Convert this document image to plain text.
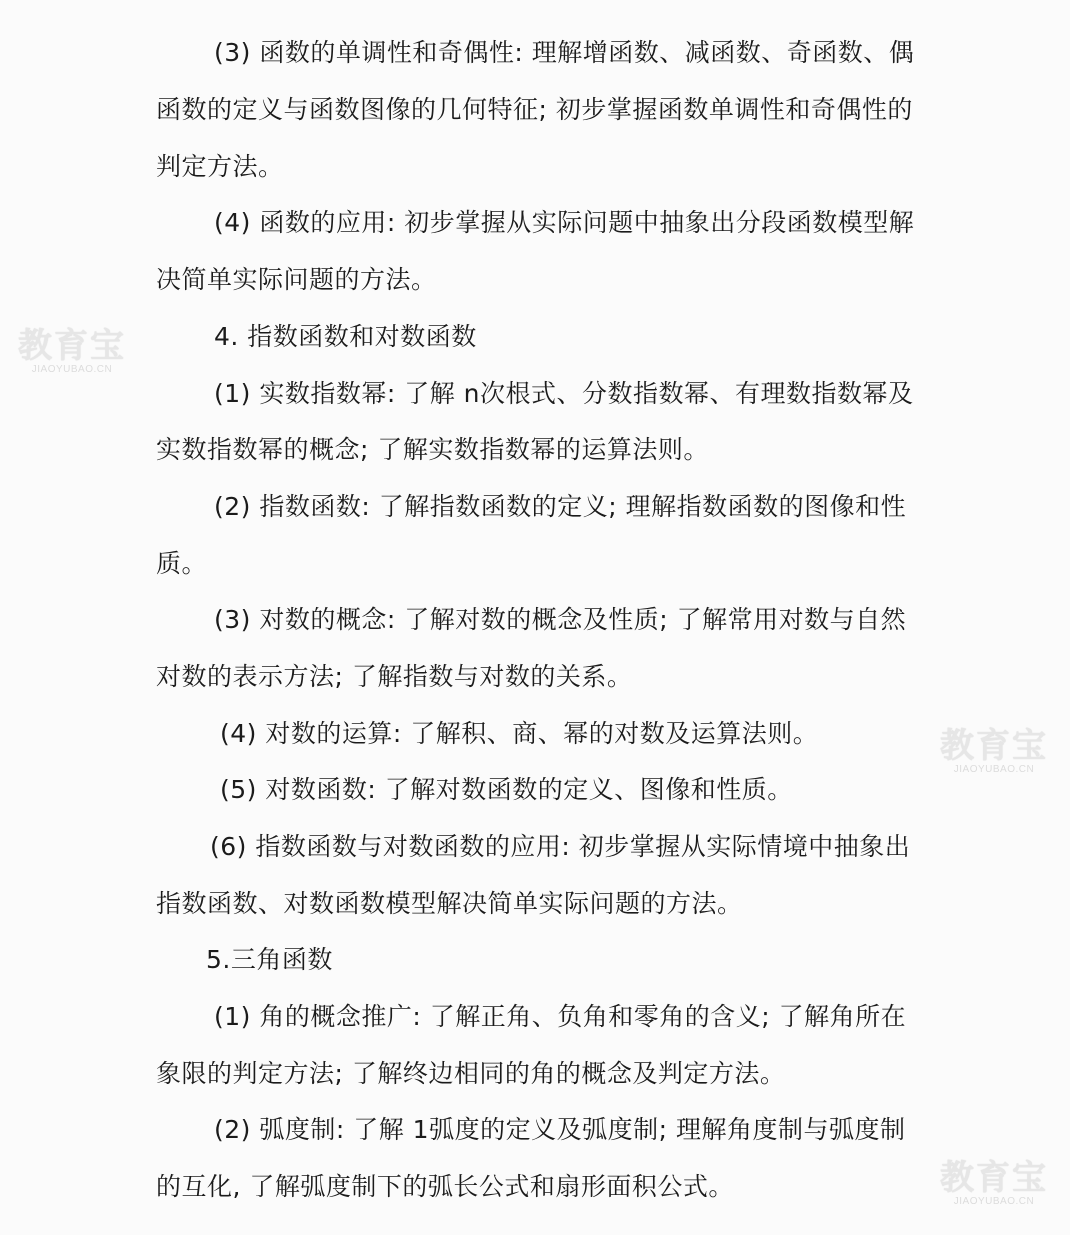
(3) 函数的单调性和奇偶性: 理解增函数、减函数、奇函数、偶
函数的定义与函数图像的几何特征; 初步掌握函数单调性和奇偶性的
判定方法。
(4) 函数的应用: 初步掌握从实际问题中抽象出分段函数模型解
决简单实际问题的方法。
4. 指数函数和对数函数
(1) 实数指数幂: 了解 n次根式、分数指数幂、有理数指数幂及
实数指数幂的概念; 了解实数指数幂的运算法则。
(2) 指数函数: 了解指数函数的定义; 理解指数函数的图像和性
质。
(3) 对数的概念: 了解对数的概念及性质; 了解常用对数与自然
对数的表示方法; 了解指数与对数的关系。
(4) 对数的运算: 了解积、商、幂的对数及运算法则。
(5) 对数函数: 了解对数函数的定义、图像和性质。
(6) 指数函数与对数函数的应用: 初步掌握从实际情境中抽象出
指数函数、对数函数模型解决简单实际问题的方法。
5.三角函数
(1) 角的概念推广: 了解正角、负角和零角的含义; 了解角所在
象限的判定方法; 了解终边相同的角的概念及判定方法。
(2) 弧度制: 了解 1弧度的定义及弧度制; 理解角度制与弧度制
的互化, 了解弧度制下的弧长公式和扇形面积公式。
教育宝
JIAOYUBAO.CN
教育宝
JIAOYUBAO.CN
教育宝
JIAOYUBAO.CN
